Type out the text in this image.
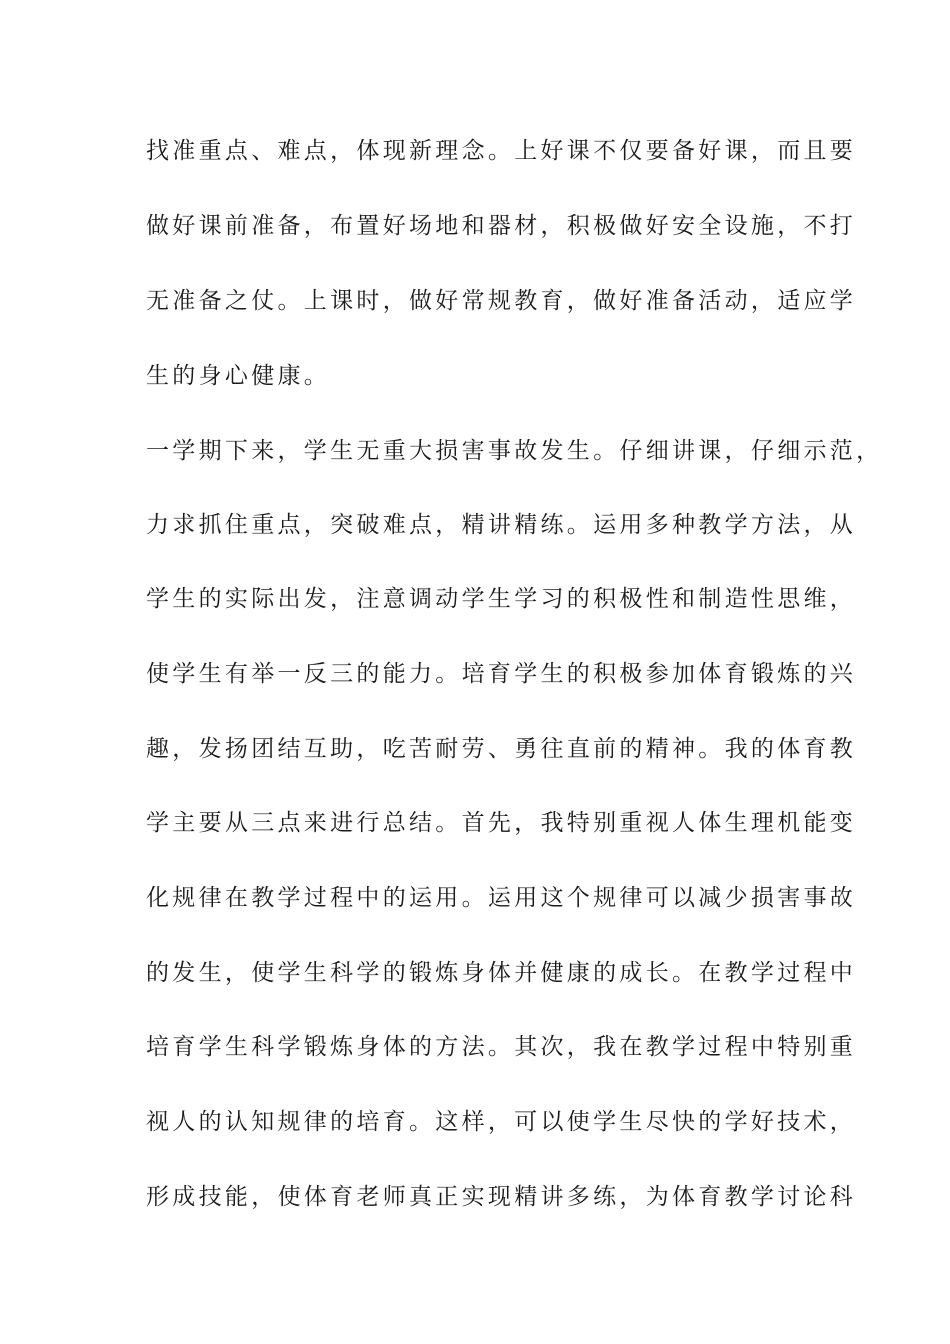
找准重点、难点，体现新理念。上好课不仅要备好课，而且要
做好课前准备，布置好场地和器材，积极做好安全设施，不打
无准备之仗。上课时，做好常规教育，做好准备活动，适应学
生的身心健康。
一学期下来，学生无重大损害事故发生。仔细讲课，仔细示范，
力求抓住重点，突破难点，精讲精练。运用多种教学方法，从
学生的实际出发，注意调动学生学习的积极性和制造性思维，
使学生有举一反三的能力。培育学生的积极参加体育锻炼的兴
趣，发扬团结互助，吃苦耐劳、勇往直前的精神。我的体育教
学主要从三点来进行总结。首先，我特别重视人体生理机能变
化规律在教学过程中的运用。运用这个规律可以减少损害事故
的发生，使学生科学的锻炼身体并健康的成长。在教学过程中
培育学生科学锻炼身体的方法。其次，我在教学过程中特别重
视人的认知规律的培育。这样，可以使学生尽快的学好技术，
形成技能，使体育老师真正实现精讲多练，为体育教学讨论科
